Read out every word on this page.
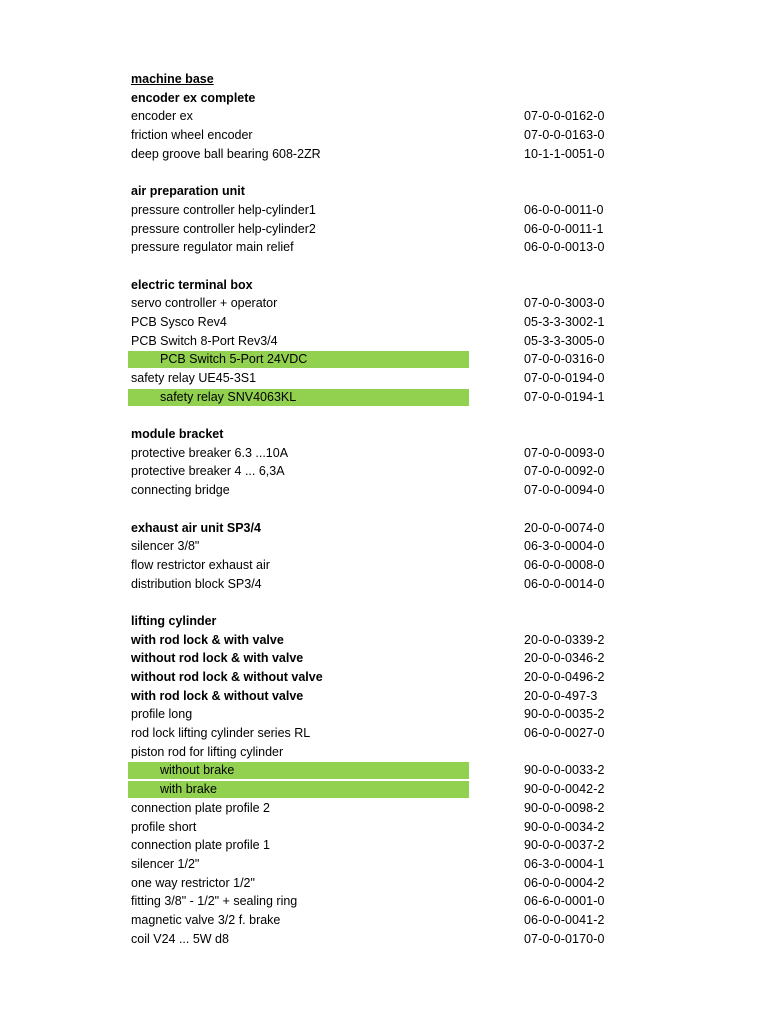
machine base
encoder ex complete
encoder ex	07-0-0-0162-0
friction wheel encoder	07-0-0-0163-0
deep groove ball bearing 608-2ZR	10-1-1-0051-0
air preparation unit
pressure controller help-cylinder1	06-0-0-0011-0
pressure controller help-cylinder2	06-0-0-0011-1
pressure regulator main relief	06-0-0-0013-0
electric terminal box
servo controller + operator	07-0-0-3003-0
PCB Sysco Rev4	05-3-3-3002-1
PCB Switch 8-Port Rev3/4	05-3-3-3005-0
PCB Switch 5-Port 24VDC	07-0-0-0316-0
safety relay UE45-3S1	07-0-0-0194-0
safety relay SNV4063KL	07-0-0-0194-1
module bracket
protective breaker 6.3 ...10A	07-0-0-0093-0
protective breaker 4 ... 6,3A	07-0-0-0092-0
connecting bridge	07-0-0-0094-0
exhaust air unit SP3/4	20-0-0-0074-0
silencer 3/8"	06-3-0-0004-0
flow restrictor exhaust air	06-0-0-0008-0
distribution block SP3/4	06-0-0-0014-0
lifting cylinder
with rod lock & with valve	20-0-0-0339-2
without rod lock & with valve	20-0-0-0346-2
without rod lock & without valve	20-0-0-0496-2
with rod lock & without valve	20-0-0-497-3
profile long	90-0-0-0035-2
rod lock lifting cylinder series RL	06-0-0-0027-0
piston rod for lifting cylinder
without brake	90-0-0-0033-2
with brake	90-0-0-0042-2
connection plate profile 2	90-0-0-0098-2
profile short	90-0-0-0034-2
connection plate profile 1	90-0-0-0037-2
silencer 1/2"	06-3-0-0004-1
one way restrictor 1/2"	06-0-0-0004-2
fitting 3/8" - 1/2" + sealing ring	06-6-0-0001-0
magnetic valve 3/2 f. brake	06-0-0-0041-2
coil V24 ... 5W d8	07-0-0-0170-0
